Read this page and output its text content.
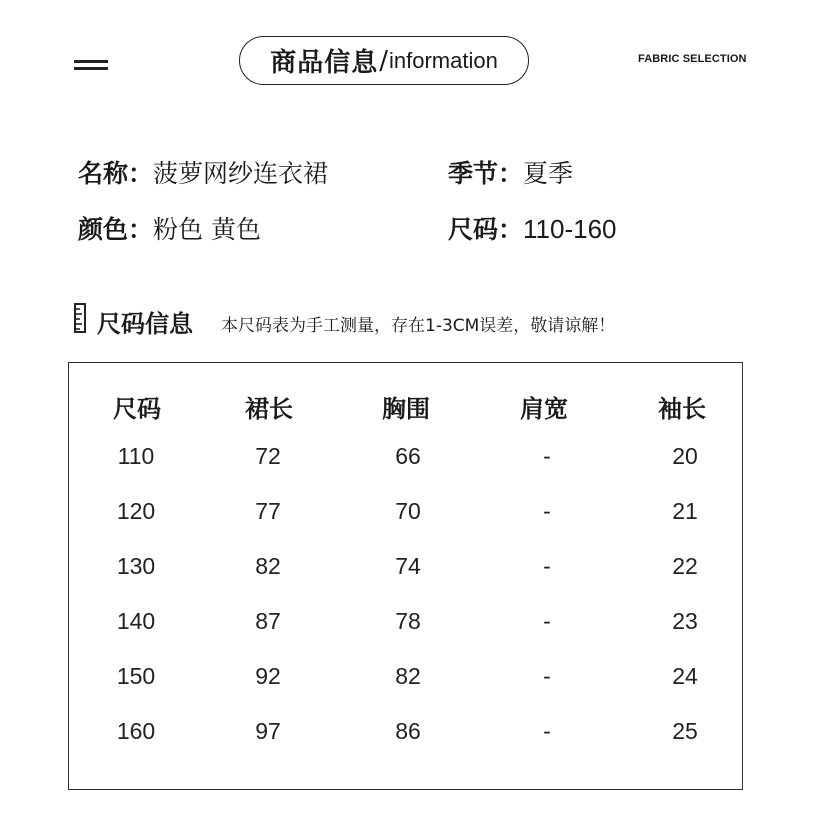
商品信息 / information	FABRIC SELECTION
名称：菠萝网纱连衣裙	季节：夏季
颜色：粉色 黄色	尺码：110-160
尺码信息 本尺码表为手工测量，存在1-3CM误差，敬请谅解！
尺码	裙长	胸围	肩宽	袖长
110	72	66	-	20
120	77	70	-	21
130	82	74	-	22
140	87	78	-	23
150	92	82	-	24
160	97	86	-	25
